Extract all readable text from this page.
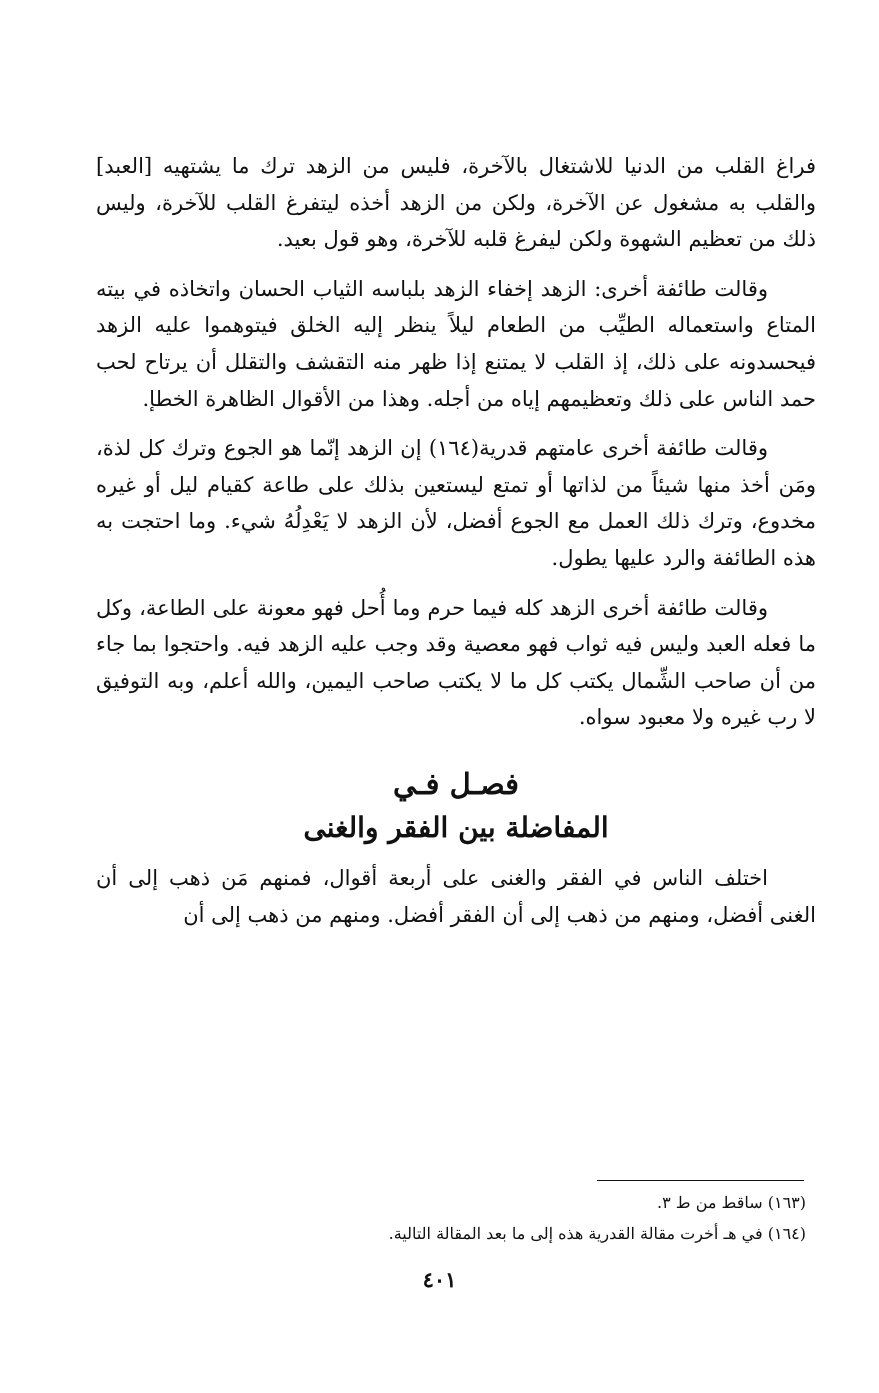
فراغ القلب من الدنيا للاشتغال بالآخرة، فليس من الزهد ترك ما يشتهيه [العبد] والقلب به مشغول عن الآخرة، ولكن من الزهد أخذه ليتفرغ القلب للآخرة، وليس ذلك من تعظيم الشهوة ولكن ليفرغ قلبه للآخرة، وهو قول بعيد.

وقالت طائفة أخرى: الزهد إخفاء الزهد بلباسه الثياب الحسان واتخاذه في بيته المتاع واستعماله الطيِّب من الطعام ليلاً ينظر إليه الخلق فيتوهموا عليه الزهد فيحسدونه على ذلك، إذ القلب لا يمتنع إذا ظهر منه التقشف والتقلل أن يرتاح لحب حمد الناس على ذلك وتعظيمهم إياه من أجله. وهذا من الأقوال الظاهرة الخطإ.

وقالت طائفة أخرى عامتهم قدرية(١٦٤) إن الزهد إنّما هو الجوع وترك كل لذة، ومَن أخذ منها شيئاً من لذاتها أو تمتع ليستعين بذلك على طاعة كقيام ليل أو غيره مخدوع، وترك ذلك العمل مع الجوع أفضل، لأن الزهد لا يَعْدِلُهُ شيء. وما احتجت به هذه الطائفة والرد عليها يطول.

وقالت طائفة أخرى الزهد كله فيما حرم وما أُحل فهو معونة على الطاعة، وكل ما فعله العبد وليس فيه ثواب فهو معصية وقد وجب عليه الزهد فيه. واحتجوا بما جاء من أن صاحب الشِّمال يكتب كل ما لا يكتب صاحب اليمين، والله أعلم، وبه التوفيق لا رب غيره ولا معبود سواه.

فصـل فـي
المفاضلة بين الفقر والغنى

اختلف الناس في الفقر والغنى على أربعة أقوال، فمنهم مَن ذهب إلى أن الغنى أفضل، ومنهم من ذهب إلى أن الفقر أفضل. ومنهم من ذهب إلى أن

(١٦٣) ساقط من ط ٣.
(١٦٤) في هـ أخرت مقالة القدرية هذه إلى ما بعد المقالة التالية.
٤٠١
